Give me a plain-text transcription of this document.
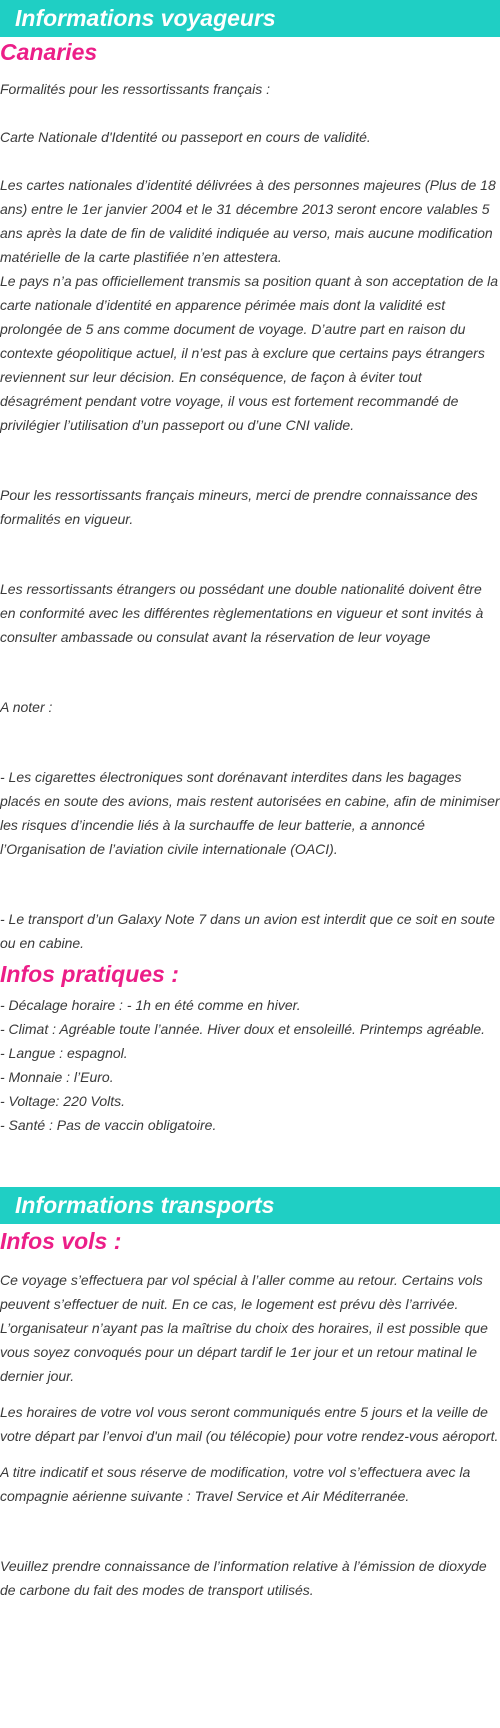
Informations voyageurs
Canaries

Formalités pour les ressortissants français :

Carte Nationale d'Identité ou passeport en cours de validité.

Les cartes nationales d’identité délivrées à des personnes majeures (Plus de 18 ans) entre le 1er janvier 2004 et le 31 décembre 2013 seront encore valables 5 ans après la date de fin de validité indiquée au verso, mais aucune modification matérielle de la carte plastifiée n’en attestera.

Le pays n’a pas officiellement transmis sa position quant à son acceptation de la carte nationale d’identité en apparence périmée mais dont la validité est prolongée de 5 ans comme document de voyage. D’autre part en raison du contexte géopolitique actuel, il n’est pas à exclure que certains pays étrangers reviennent sur leur décision. En conséquence, de façon à éviter tout désagrément pendant votre voyage, il vous est fortement recommandé de privilégier l’utilisation d’un passeport ou d’une CNI valide.

Pour les ressortissants français mineurs, merci de prendre connaissance des formalités en vigueur.

Les ressortissants étrangers ou possédant une double nationalité doivent être en conformité avec les différentes règlementations en vigueur et sont invités à consulter ambassade ou consulat avant la réservation de leur voyage

A noter :

- Les cigarettes électroniques sont dorénavant interdites dans les bagages placés en soute des avions, mais restent autorisées en cabine, afin de minimiser les risques d’incendie liés à la surchauffe de leur batterie, a annoncé l’Organisation de l’aviation civile internationale (OACI).

- Le transport d’un Galaxy Note 7 dans un avion est interdit que ce soit en soute ou en cabine.

Infos pratiques :

- Décalage horaire : - 1h en été comme en hiver.

- Climat : Agréable toute l’année. Hiver doux et ensoleillé. Printemps agréable.

- Langue : espagnol.

- Monnaie : l’Euro.

- Voltage: 220 Volts.

- Santé : Pas de vaccin obligatoire.

Informations transports
Infos vols :

Ce voyage s’effectuera par vol spécial à l’aller comme au retour. Certains vols peuvent s’effectuer de nuit. En ce cas, le logement est prévu dès l’arrivée. L’organisateur n’ayant pas la maîtrise du choix des horaires, il est possible que vous soyez convoqués pour un départ tardif le 1er jour et un retour matinal le dernier jour.

Les horaires de votre vol vous seront communiqués entre 5 jours et la veille de votre départ par l’envoi d'un mail (ou télécopie) pour votre rendez-vous aéroport.

A titre indicatif et sous réserve de modification, votre vol s’effectuera avec la compagnie aérienne suivante : Travel Service et Air Méditerranée.

Veuillez prendre connaissance de l’information relative à l’émission de dioxyde de carbone du fait des modes de transport utilisés.
